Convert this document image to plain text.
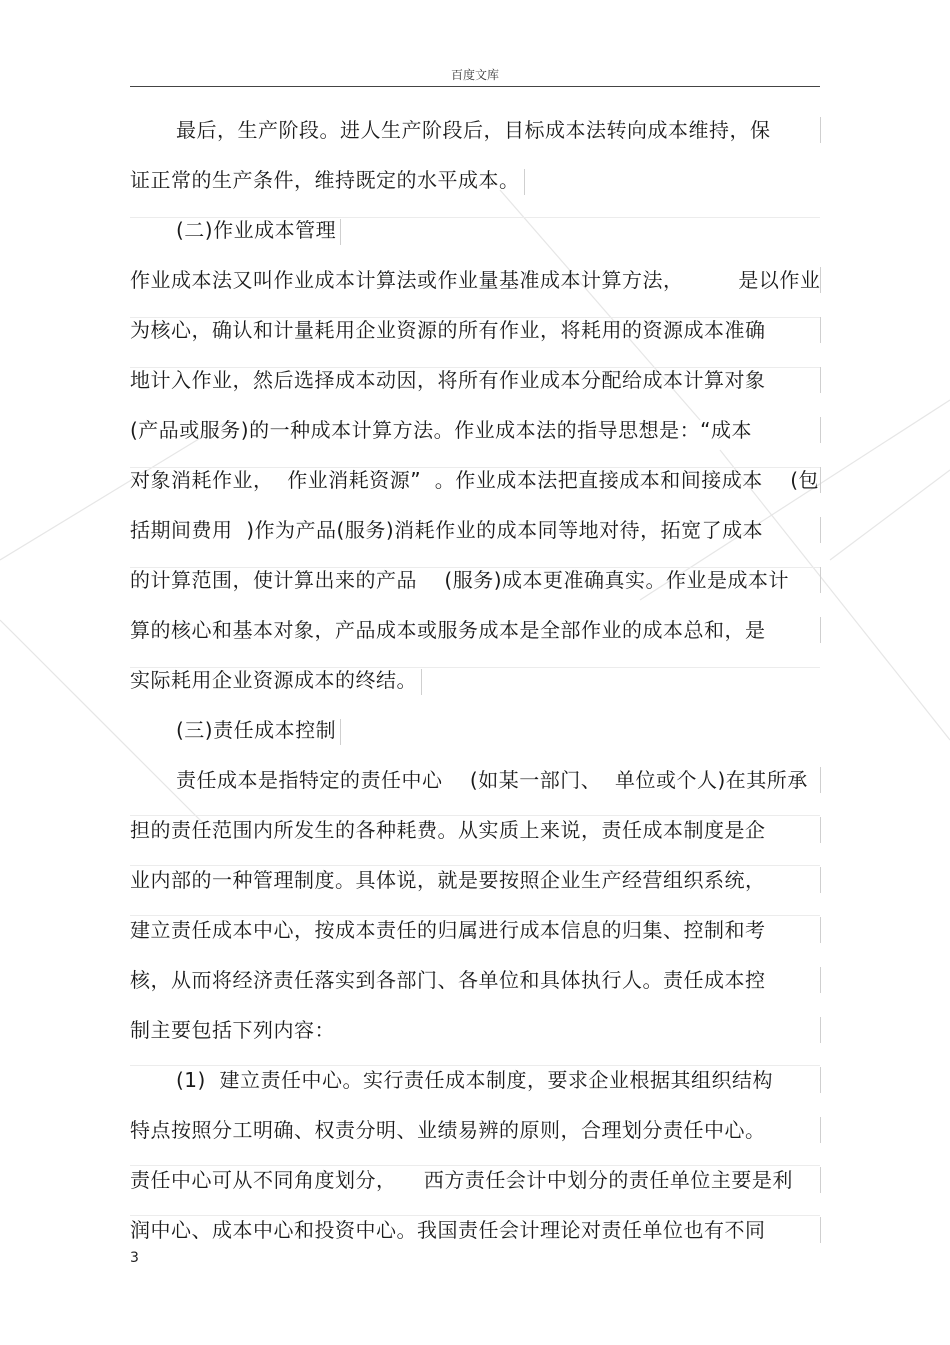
百度文库
最后，生产阶段。进人生产阶段后，目标成本法转向成本维持，保
证正常的生产条件，维持既定的水平成本。
(二)作业成本管理
作业成本法又叫作业成本计算法或作业量基准成本计算方法，        是以作业
为核心，确认和计量耗用企业资源的所有作业，将耗用的资源成本准确
地计入作业，然后选择成本动因，将所有作业成本分配给成本计算对象
(产品或服务)的一种成本计算方法。作业成本法的指导思想是：“成本
对象消耗作业，  作业消耗资源”  。作业成本法把直接成本和间接成本    (包
括期间费用  )作为产品(服务)消耗作业的成本同等地对待，拓宽了成本
的计算范围，使计算出来的产品    (服务)成本更准确真实。作业是成本计
算的核心和基本对象，产品成本或服务成本是全部作业的成本总和，是
实际耗用企业资源成本的终结。
(三)责任成本控制
责任成本是指特定的责任中心    (如某一部门、  单位或个人)在其所承
担的责任范围内所发生的各种耗费。从实质上来说，责任成本制度是企
业内部的一种管理制度。具体说，就是要按照企业生产经营组织系统，
建立责任成本中心，按成本责任的归属进行成本信息的归集、控制和考
核，从而将经济责任落实到各部门、各单位和具体执行人。责任成本控
制主要包括下列内容：
(1)  建立责任中心。实行责任成本制度，要求企业根据其组织结构
特点按照分工明确、权责分明、业绩易辨的原则，合理划分责任中心。
责任中心可从不同角度划分，    西方责任会计中划分的责任单位主要是利
润中心、成本中心和投资中心。我国责任会计理论对责任单位也有不同
3
